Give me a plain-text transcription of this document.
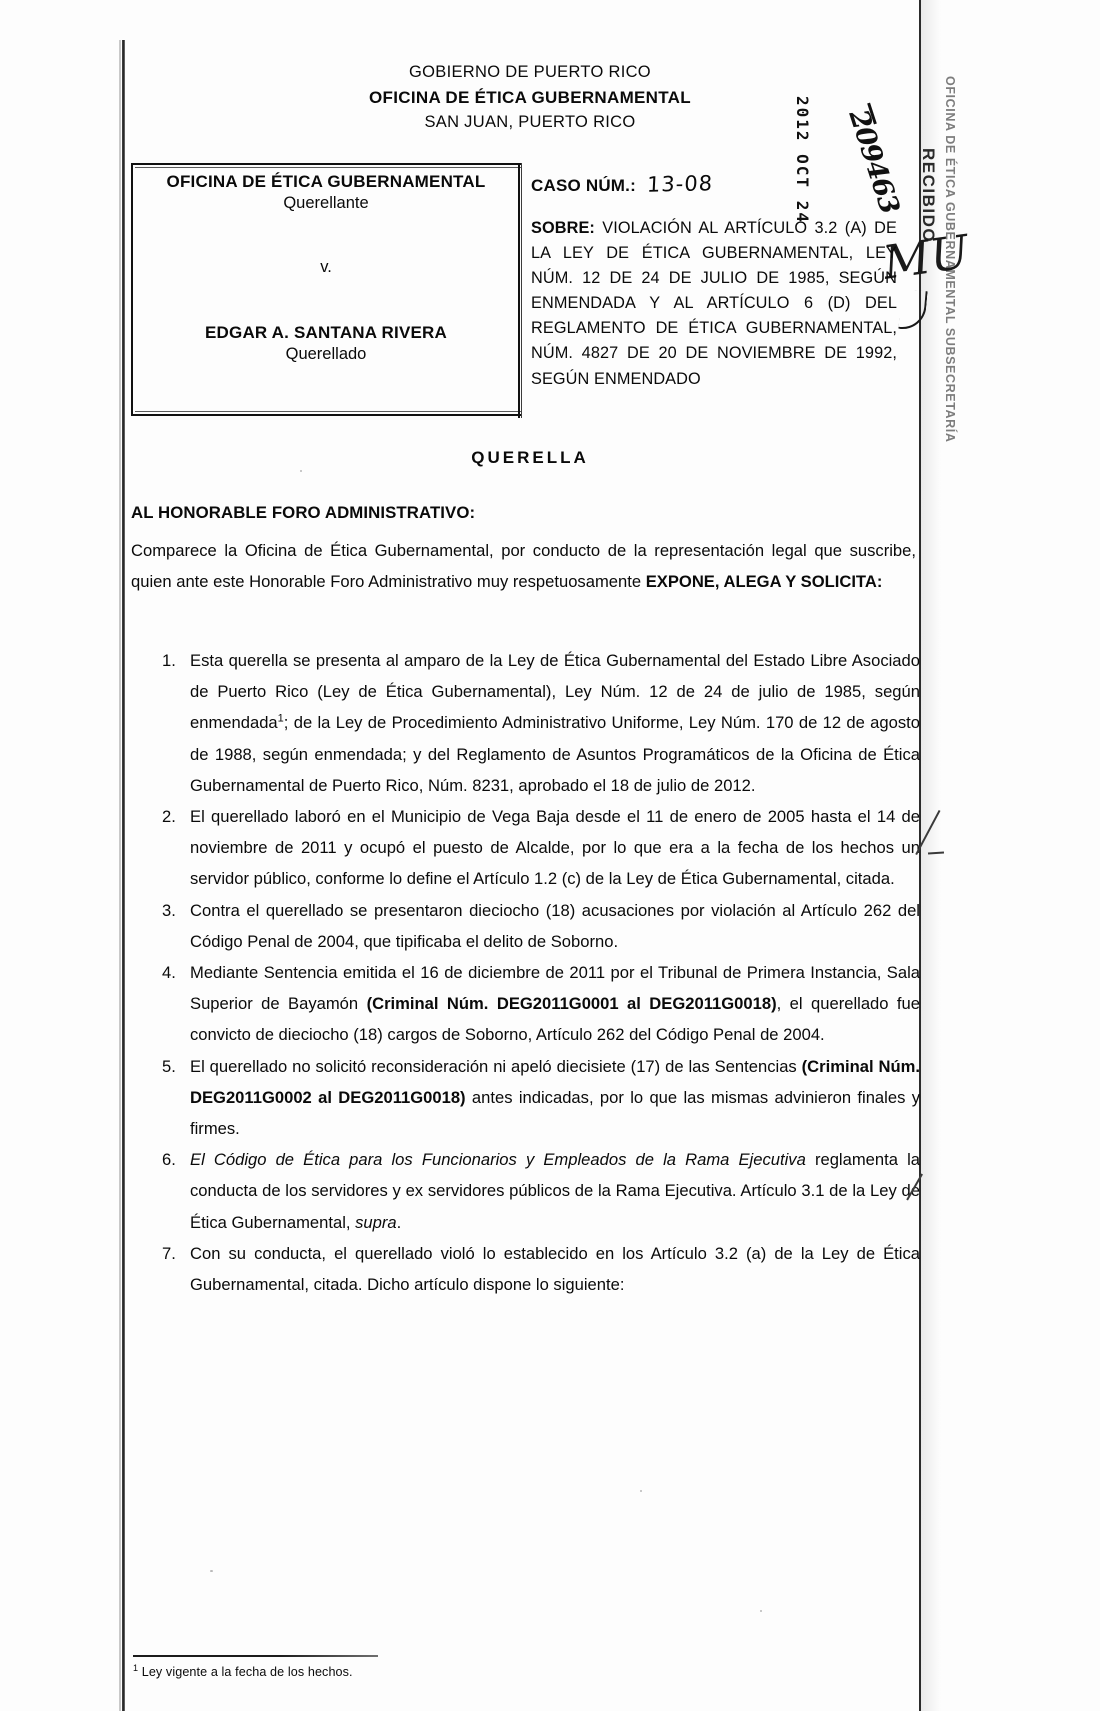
GOBIERNO DE PUERTO RICO
OFICINA DE ÉTICA GUBERNAMENTAL
SAN JUAN, PUERTO RICO	2012 OCT 24	OFICINA DE ÉTICA GUBERNAMENTAL SUBSECRETARÍA
RECIBIDO
209463
MU
OFICINA DE ÉTICA GUBERNAMENTAL
Querellante
v.
EDGAR A. SANTANA RIVERA
Querellado
CASO NÚM.: 13-08
SOBRE: VIOLACIÓN AL ARTÍCULO 3.2 (A) DE LA LEY DE ÉTICA GUBERNAMENTAL, LEY NÚM. 12 DE 24 DE JULIO DE 1985, SEGÚN ENMENDADA Y AL ARTÍCULO 6 (D) DEL REGLAMENTO DE ÉTICA GUBERNAMENTAL, NÚM. 4827 DE 20 DE NOVIEMBRE DE 1992, SEGÚN ENMENDADO
QUERELLA
AL HONORABLE FORO ADMINISTRATIVO:
Comparece la Oficina de Ética Gubernamental, por conducto de la representación legal que suscribe, quien ante este Honorable Foro Administrativo muy respetuosamente EXPONE, ALEGA Y SOLICITA:
1. Esta querella se presenta al amparo de la Ley de Ética Gubernamental del Estado Libre Asociado de Puerto Rico (Ley de Ética Gubernamental), Ley Núm. 12 de 24 de julio de 1985, según enmendada$^1$; de la Ley de Procedimiento Administrativo Uniforme, Ley Núm. 170 de 12 de agosto de 1988, según enmendada; y del Reglamento de Asuntos Programáticos de la Oficina de Ética Gubernamental de Puerto Rico, Núm. 8231, aprobado el 18 de julio de 2012.
2. El querellado laboró en el Municipio de Vega Baja desde el 11 de enero de 2005 hasta el 14 de noviembre de 2011 y ocupó el puesto de Alcalde, por lo que era a la fecha de los hechos un servidor público, conforme lo define el Artículo 1.2 (c) de la Ley de Ética Gubernamental, citada.
3. Contra el querellado se presentaron dieciocho (18) acusaciones por violación al Artículo 262 del Código Penal de 2004, que tipificaba el delito de Soborno.
4. Mediante Sentencia emitida el 16 de diciembre de 2011 por el Tribunal de Primera Instancia, Sala Superior de Bayamón (Criminal Núm. DEG2011G0001 al DEG2011G0018), el querellado fue convicto de dieciocho (18) cargos de Soborno, Artículo 262 del Código Penal de 2004.
5. El querellado no solicitó reconsideración ni apeló diecisiete (17) de las Sentencias (Criminal Núm. DEG2011G0002 al DEG2011G0018) antes indicadas, por lo que las mismas advinieron finales y firmes.
6. El Código de Ética para los Funcionarios y Empleados de la Rama Ejecutiva reglamenta la conducta de los servidores y ex servidores públicos de la Rama Ejecutiva. Artículo 3.1 de la Ley de Ética Gubernamental, supra.
7. Con su conducta, el querellado violó lo establecido en los Artículo 3.2 (a) de la Ley de Ética Gubernamental, citada. Dicho artículo dispone lo siguiente:
$^1$ Ley vigente a la fecha de los hechos.
